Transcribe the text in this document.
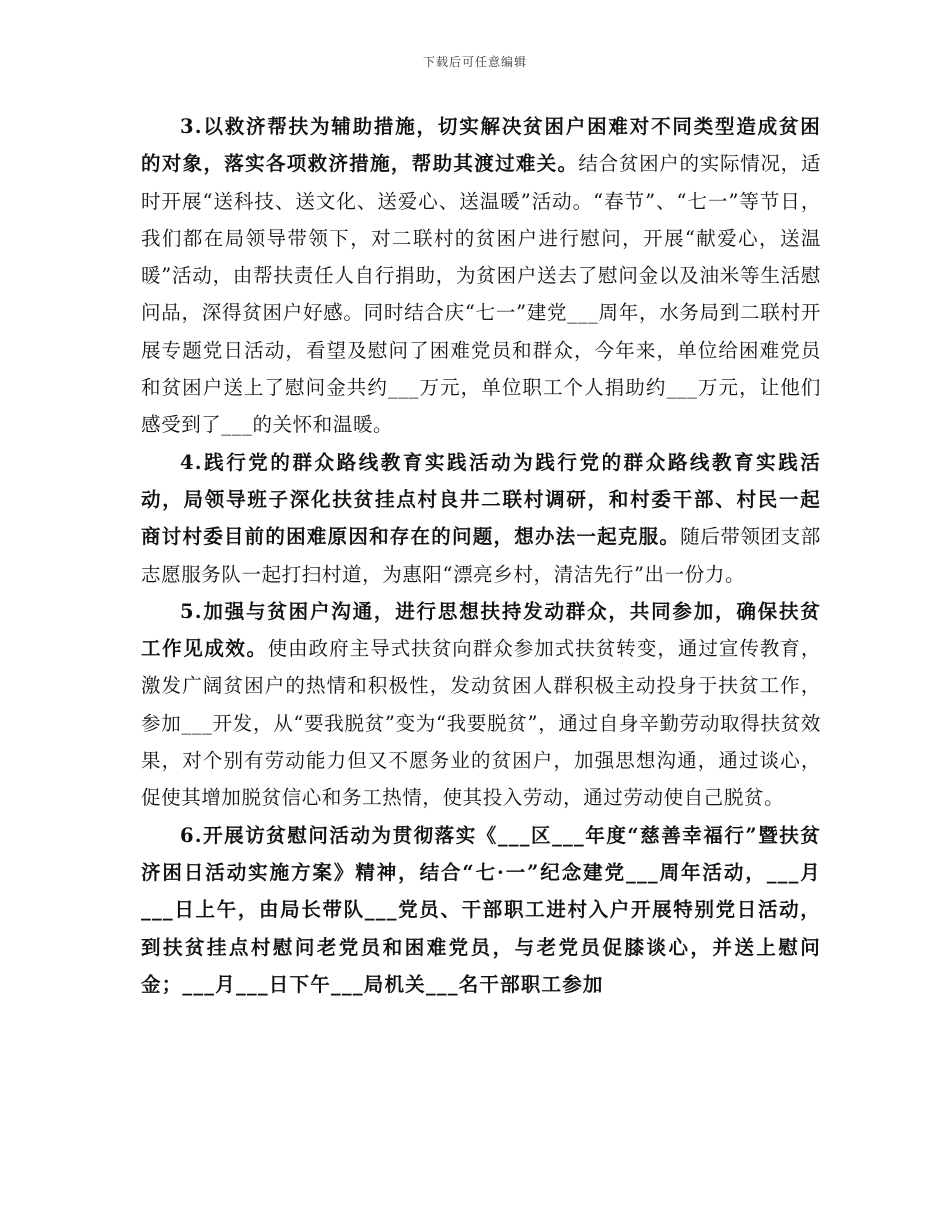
下载后可任意编辑

3.以救济帮扶为辅助措施，切实解决贫困户困难对不同类型造成贫困的对象，落实各项救济措施，帮助其渡过难关。结合贫困户的实际情况，适时开展“送科技、送文化、送爱心、送温暖”活动。“春节”、“七一”等节日，我们都在局领导带领下，对二联村的贫困户进行慰问，开展“献爱心，送温暖”活动，由帮扶责任人自行捐助，为贫困户送去了慰问金以及油米等生活慰问品，深得贫困户好感。同时结合庆“七一”建党___周年，水务局到二联村开展专题党日活动，看望及慰问了困难党员和群众，今年来，单位给困难党员和贫困户送上了慰问金共约___万元，单位职工个人捐助约___万元，让他们感受到了___的关怀和温暖。

4.践行党的群众路线教育实践活动为践行党的群众路线教育实践活动，局领导班子深化扶贫挂点村良井二联村调研，和村委干部、村民一起商讨村委目前的困难原因和存在的问题，想办法一起克服。随后带领团支部志愿服务队一起打扫村道，为惠阳“漂亮乡村，清洁先行”出一份力。

5.加强与贫困户沟通，进行思想扶持发动群众，共同参加，确保扶贫工作见成效。使由政府主导式扶贫向群众参加式扶贫转变，通过宣传教育，激发广阔贫困户的热情和积极性，发动贫困人群积极主动投身于扶贫工作，参加___开发，从“要我脱贫”变为“我要脱贫”，通过自身辛勤劳动取得扶贫效果，对个别有劳动能力但又不愿务业的贫困户，加强思想沟通，通过谈心，促使其增加脱贫信心和务工热情，使其投入劳动，通过劳动使自己脱贫。

6.开展访贫慰问活动为贯彻落实《___区___年度“慈善幸福行”暨扶贫济困日活动实施方案》精神，结合“七·一”纪念建党___周年活动，___月___日上午，由局长带队___党员、干部职工进村入户开展特别党日活动，到扶贫挂点村慰问老党员和困难党员，与老党员促膝谈心，并送上慰问金；___月___日下午___局机关___名干部职工参加
